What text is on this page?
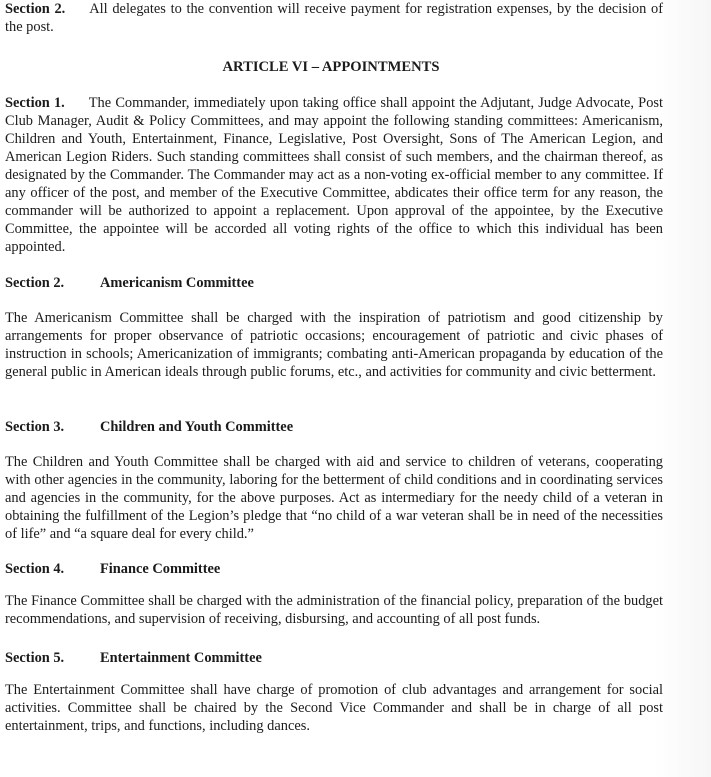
Section 2. All delegates to the convention will receive payment for registration expenses, by the decision of the post.

ARTICLE VI – APPOINTMENTS

Section 1. The Commander, immediately upon taking office shall appoint the Adjutant, Judge Advocate, Post Club Manager, Audit & Policy Committees, and may appoint the following standing committees: Americanism, Children and Youth, Entertainment, Finance, Legislative, Post Oversight, Sons of The American Legion, and American Legion Riders. Such standing committees shall consist of such members, and the chairman thereof, as designated by the Commander. The Commander may act as a non-voting ex-official member to any committee. If any officer of the post, and member of the Executive Committee, abdicates their office term for any reason, the commander will be authorized to appoint a replacement. Upon approval of the appointee, by the Executive Committee, the appointee will be accorded all voting rights of the office to which this individual has been appointed.

Section 2. Americanism Committee

The Americanism Committee shall be charged with the inspiration of patriotism and good citizenship by arrangements for proper observance of patriotic occasions; encouragement of patriotic and civic phases of instruction in schools; Americanization of immigrants; combating anti-American propaganda by education of the general public in American ideals through public forums, etc., and activities for community and civic betterment.

Section 3. Children and Youth Committee

The Children and Youth Committee shall be charged with aid and service to children of veterans, cooperating with other agencies in the community, laboring for the betterment of child conditions and in coordinating services and agencies in the community, for the above purposes. Act as intermediary for the needy child of a veteran in obtaining the fulfillment of the Legion’s pledge that “no child of a war veteran shall be in need of the necessities of life” and “a square deal for every child.”

Section 4. Finance Committee

The Finance Committee shall be charged with the administration of the financial policy, preparation of the budget recommendations, and supervision of receiving, disbursing, and accounting of all post funds.

Section 5. Entertainment Committee

The Entertainment Committee shall have charge of promotion of club advantages and arrangement for social activities. Committee shall be chaired by the Second Vice Commander and shall be in charge of all post entertainment, trips, and functions, including dances.
